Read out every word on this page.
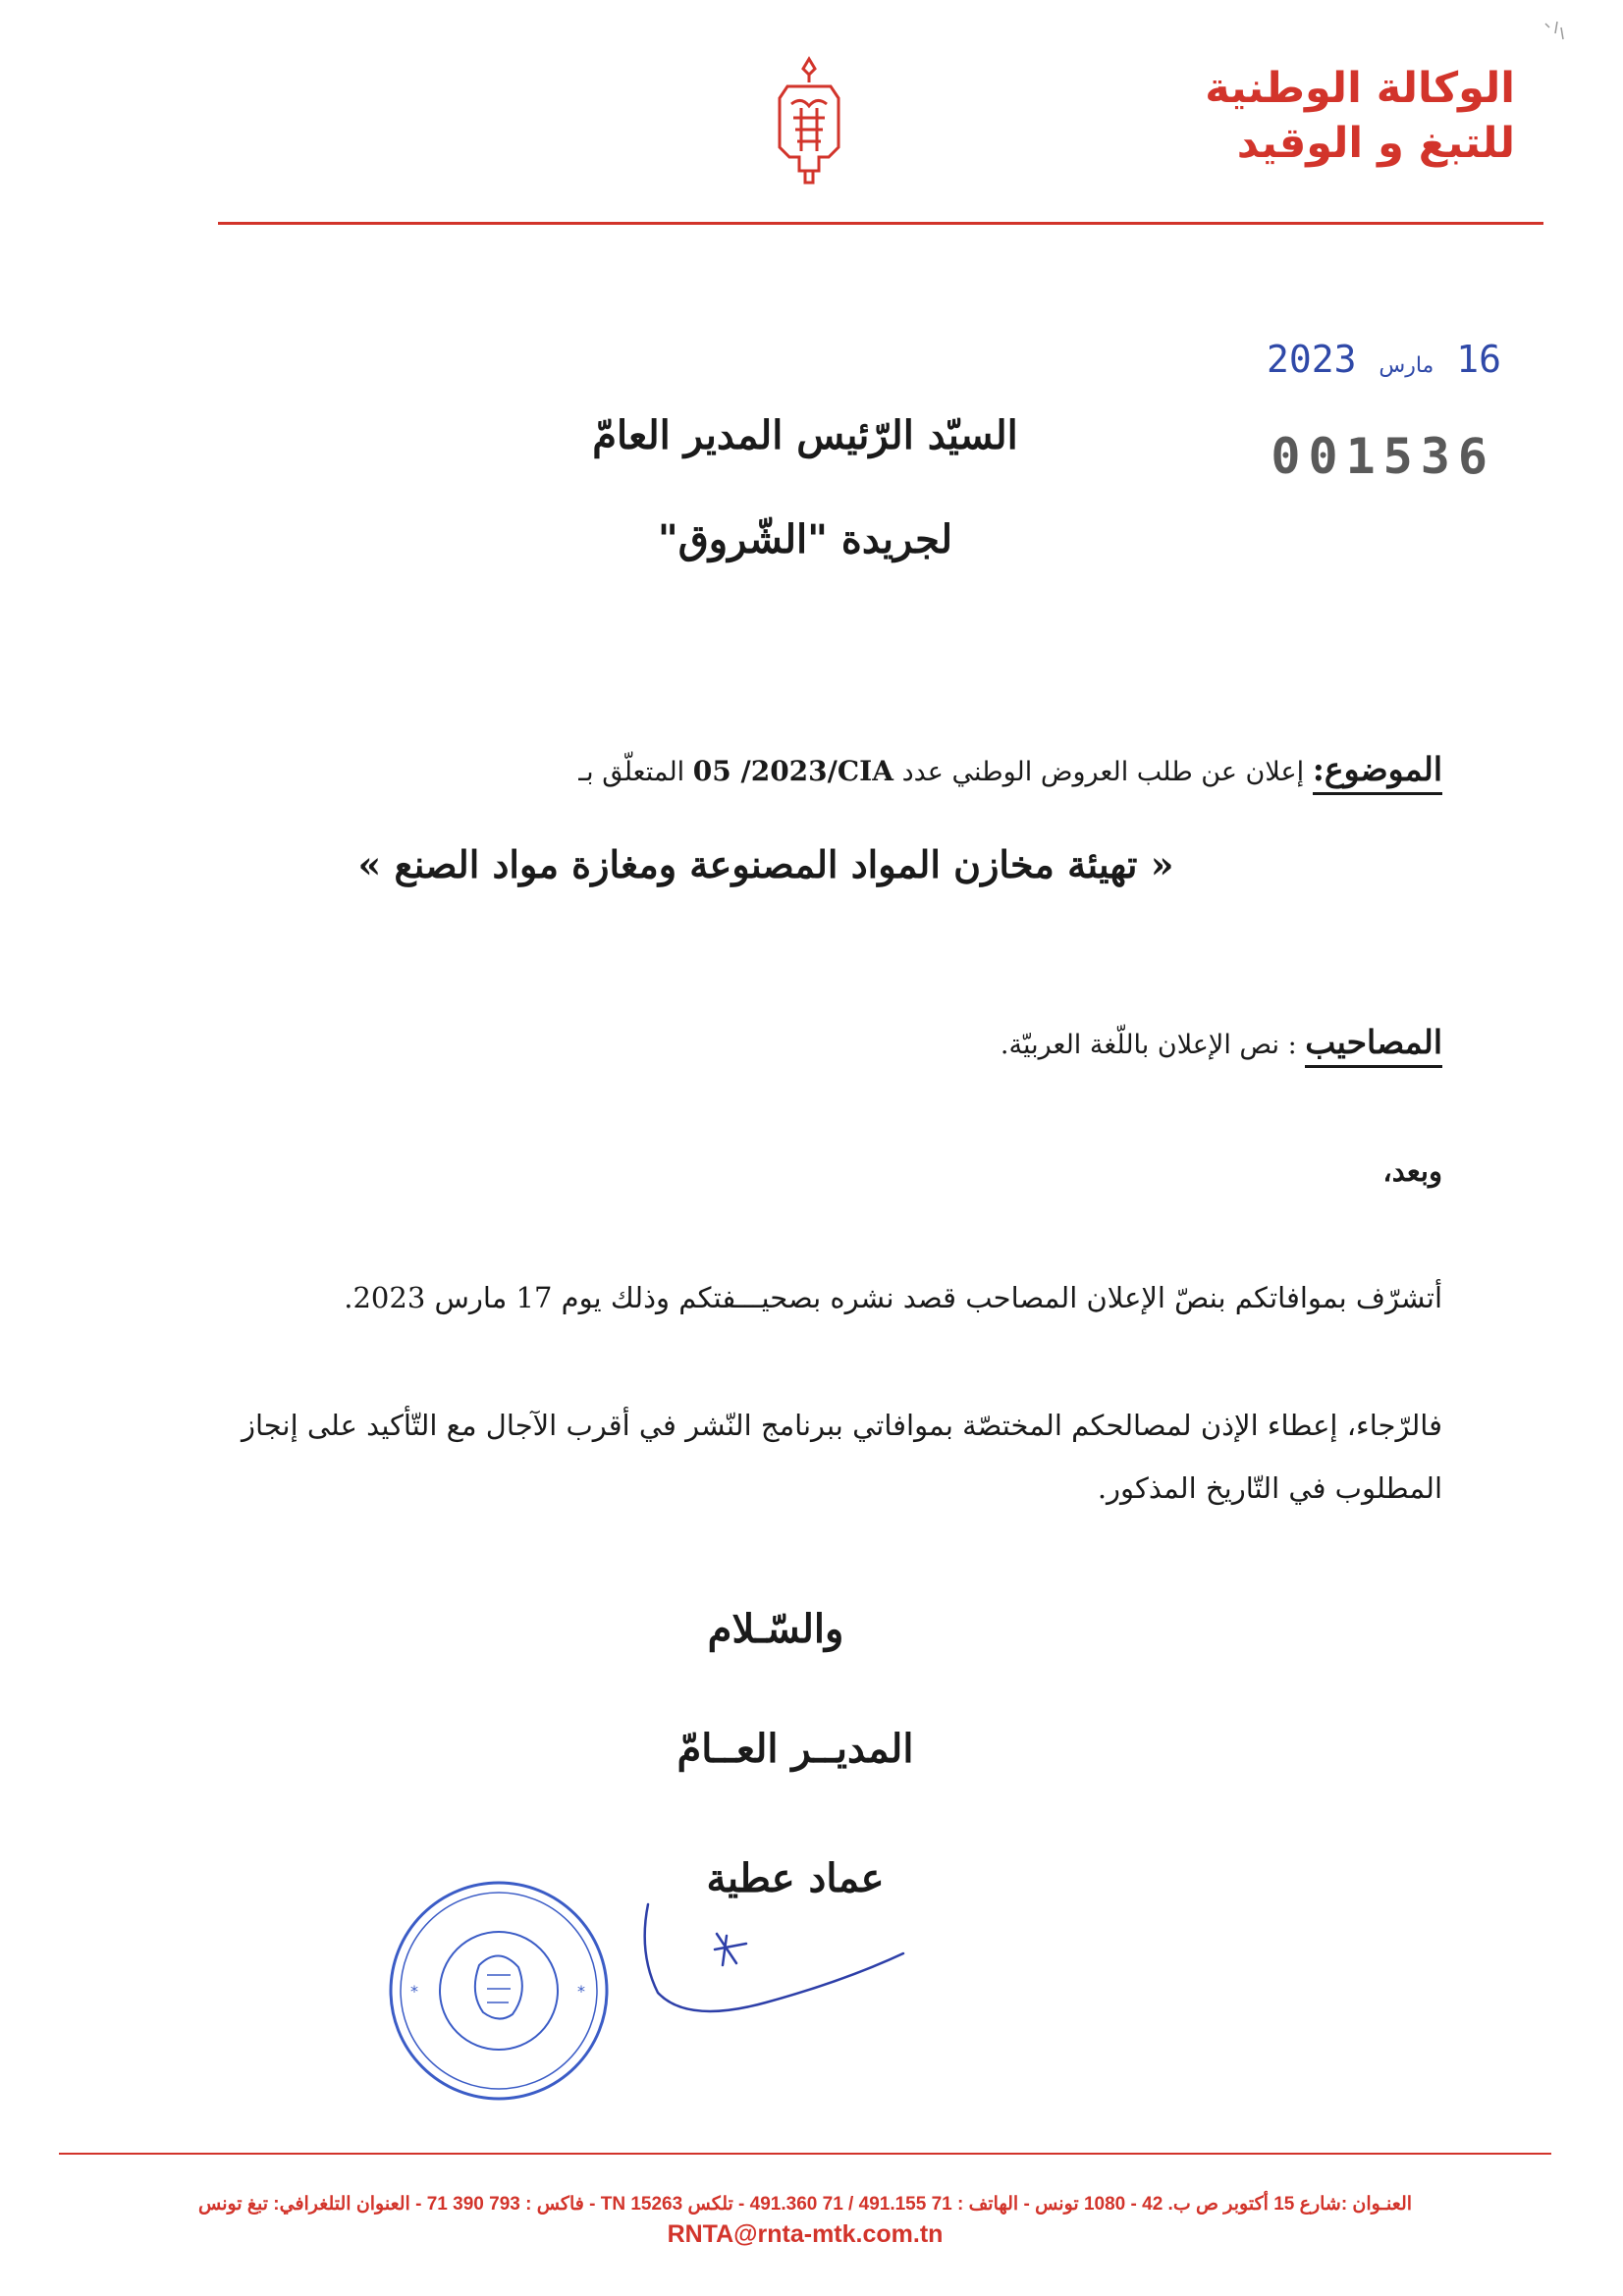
الوكالة الوطنية
للتبغ و الوقيد
16 مارس 2023
001536
السيّد الرّئيس المدير العامّ
لجريدة "الشّروق"
الموضوع: إعلان عن طلب العروض الوطني عدد 05 /2023/CIA المتعلّق بـ
« تهيئة مخازن المواد المصنوعة ومغازة مواد الصنع »
المصاحيب : نص الإعلان باللّغة العربيّة.
وبعد،
أتشرّف بموافاتكم بنصّ الإعلان المصاحب قصد نشره بصحيـــفتكم وذلك يوم 17 مارس 2023.
فالرّجاء، إعطاء الإذن لمصالحكم المختصّة بموافاتي ببرنامج النّشر في أقرب الآجال مع التّأكيد على إنجاز المطلوب في التّاريخ المذكور.
والسّـلام
المديــر العــامّ
عماد عطية
*	*
العنـوان :شارع 15 أكتوبر ص ب. 42 - 1080 تونس - الهاتف : 71 491.155 / 71 491.360 - تلكس TN 15263 - فاكس : 793 390 71 - العنوان التلغرافي: تبغ تونس
RNTA@rnta-mtk.com.tn
